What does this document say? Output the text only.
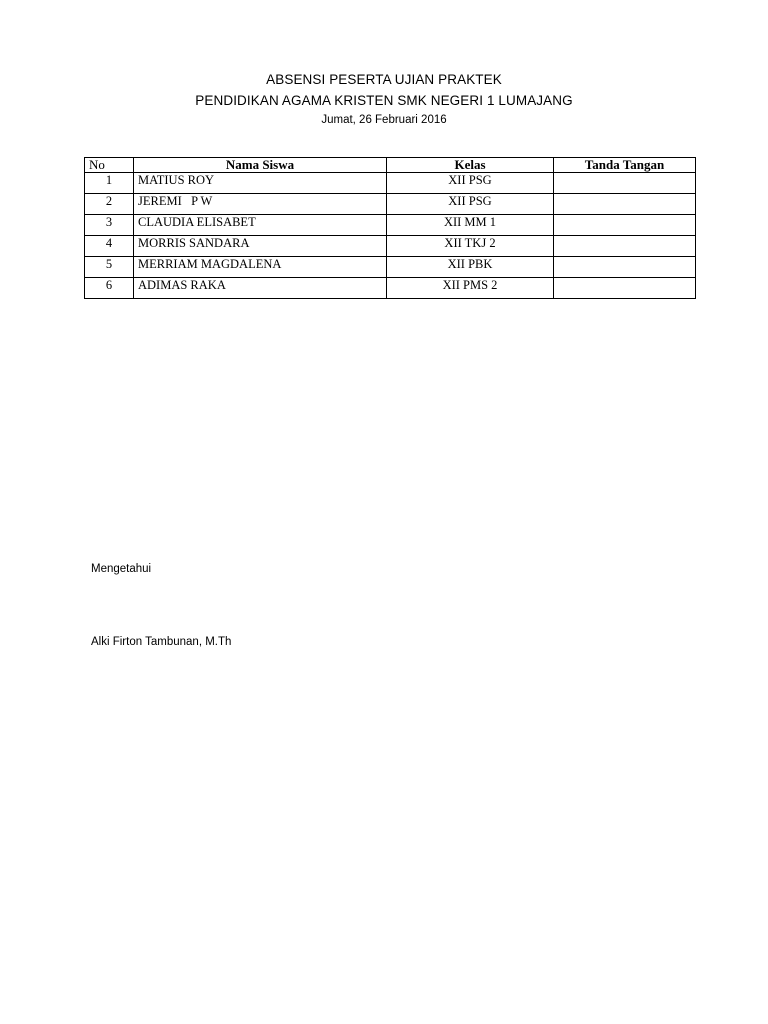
ABSENSI PESERTA UJIAN PRAKTEK
PENDIDIKAN AGAMA KRISTEN SMK NEGERI 1 LUMAJANG
Jumat, 26 Februari 2016
No	Nama Siswa	Kelas	Tanda Tangan
1	MATIUS ROY	XII PSG	
2	JEREMI   P W	XII PSG	
3	CLAUDIA ELISABET	XII MM 1	
4	MORRIS SANDARA	XII TKJ 2	
5	MERRIAM MAGDALENA	XII PBK	
6	ADIMAS RAKA	XII PMS 2	
Mengetahui
Alki Firton Tambunan, M.Th
